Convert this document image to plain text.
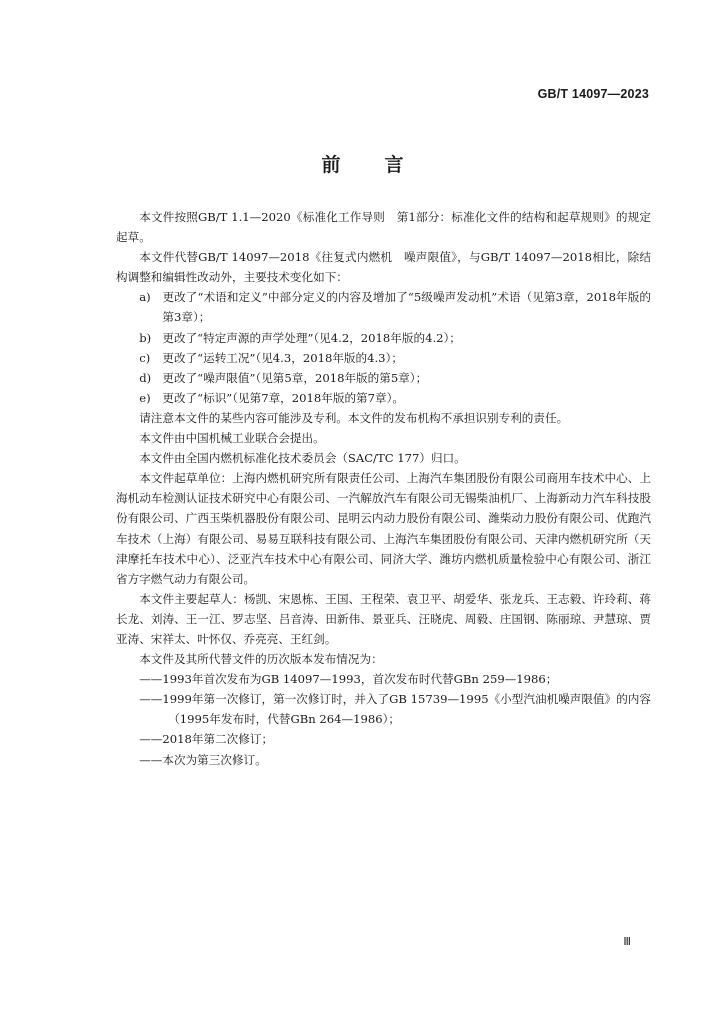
GB/T 14097—2023
前言

本文件按照GB/T 1.1—2020《标准化工作导则　第1部分：标准化文件的结构和起草规则》的规定起草。

本文件代替GB/T 14097—2018《往复式内燃机　噪声限值》，与GB/T 14097—2018相比，除结构调整和编辑性改动外，主要技术变化如下：

a) 更改了“术语和定义”中部分定义的内容及增加了“5级噪声发动机”术语（见第3章，2018年版的第3章）；

b) 更改了“特定声源的声学处理”（见4.2，2018年版的4.2）；

c) 更改了“运转工况”（见4.3，2018年版的4.3）；

d) 更改了“噪声限值”（见第5章，2018年版的第5章）；

e) 更改了“标识”（见第7章，2018年版的第7章）。

请注意本文件的某些内容可能涉及专利。本文件的发布机构不承担识别专利的责任。

本文件由中国机械工业联合会提出。

本文件由全国内燃机标准化技术委员会（SAC/TC 177）归口。

本文件起草单位：上海内燃机研究所有限责任公司、上海汽车集团股份有限公司商用车技术中心、上海机动车检测认证技术研究中心有限公司、一汽解放汽车有限公司无锡柴油机厂、上海新动力汽车科技股份有限公司、广西玉柴机器股份有限公司、昆明云内动力股份有限公司、潍柴动力股份有限公司、优跑汽车技术（上海）有限公司、易易互联科技有限公司、上海汽车集团股份有限公司、天津内燃机研究所（天津摩托车技术中心）、泛亚汽车技术中心有限公司、同济大学、潍坊内燃机质量检验中心有限公司、浙江省方字燃气动力有限公司。

本文件主要起草人：杨凯、宋恩栋、王国、王程荣、袁卫平、胡爱华、张龙兵、王志毅、许玲莉、蒋长龙、刘涛、王一江、罗志坚、吕音涛、田新伟、景亚兵、汪晓虎、周毅、庄国钢、陈丽琼、尹慧琼、贾亚涛、宋祥太、叶怀仅、乔亮亮、王红剑。

本文件及其所代替文件的历次版本发布情况为：

——1993年首次发布为GB 14097—1993，首次发布时代替GBn 259—1986；

——1999年第一次修订，第一次修订时，并入了GB 15739—1995《小型汽油机噪声限值》的内容（1995年发布时，代替GBn 264—1986）；

——2018年第二次修订；

——本次为第三次修订。

Ⅲ
